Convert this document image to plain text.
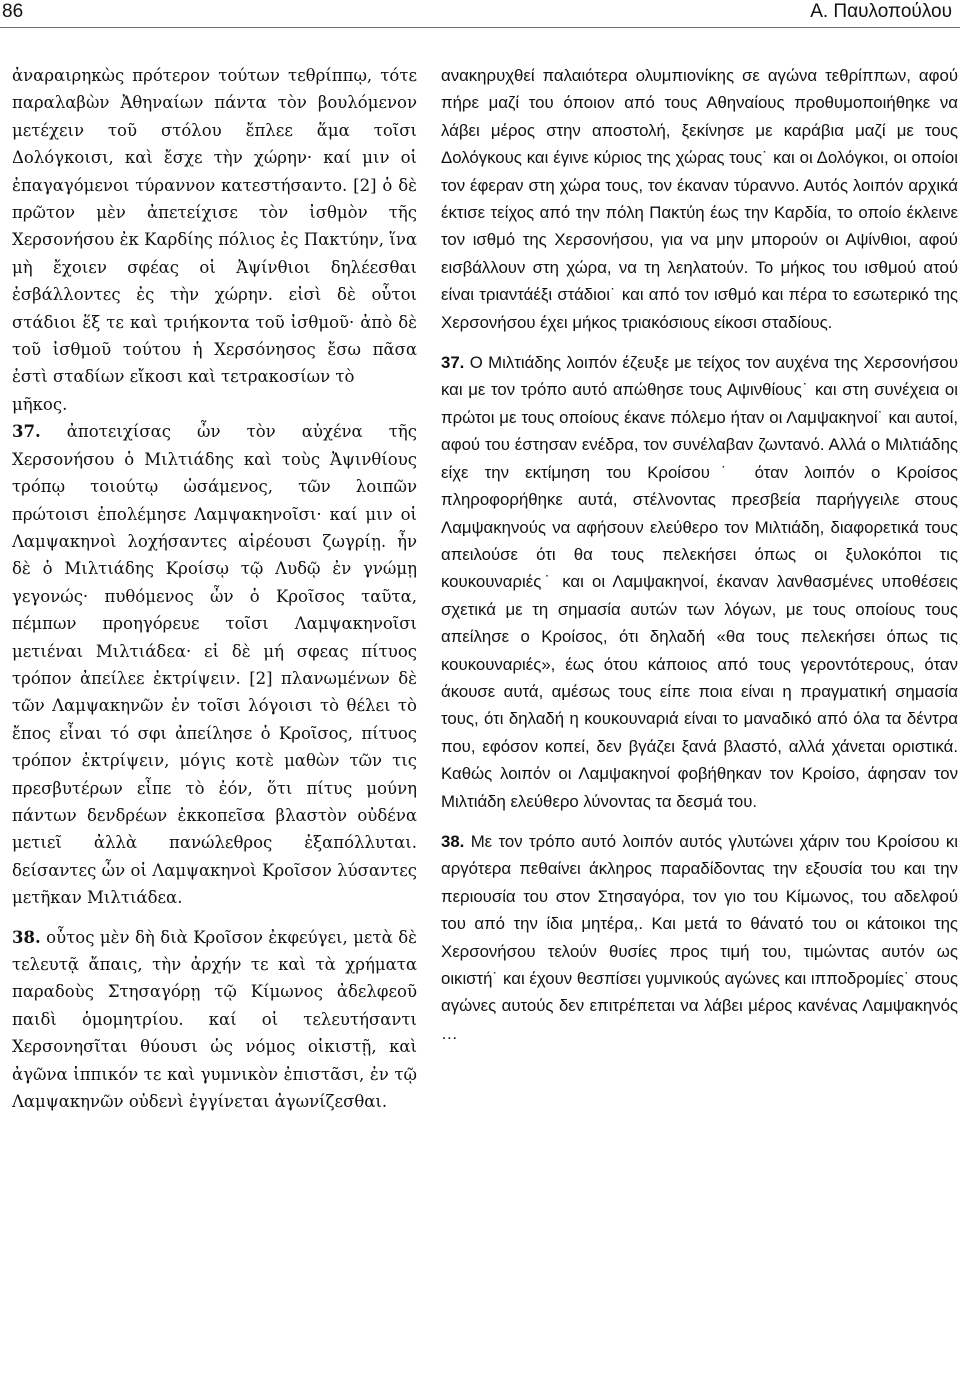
86	Α. Παυλοπούλου

ἀναραιρηκὼς πρότερον τούτων τεθρίππῳ, τότε παραλαβὼν Ἀθηναίων πάντα τὸν βουλόμενον μετέχειν τοῦ στόλου ἔπλεε ἅμα τοῖσι Δολόγκοισι, καὶ ἔσχε τὴν χώρην· καί μιν οἱ ἐπαγαγόμενοι τύραννον κατεστήσαντο. [2] ὁ δὲ πρῶτον μὲν ἀπετείχισε τὸν ἰσθμὸν τῆς Χερσονήσου ἐκ Καρδίης πόλιος ἐς Πακτύην, ἵνα μὴ ἔχοιεν σφέας οἱ Ἀψίνθιοι δηλέεσθαι ἐσβάλλοντες ἐς τὴν χώρην. εἰσὶ δὲ οὗτοι στάδιοι ἕξ τε καὶ τριήκοντα τοῦ ἰσθμοῦ· ἀπὸ δὲ τοῦ ἰσθμοῦ τούτου ἡ Χερσόνησος ἔσω πᾶσα ἐστὶ σταδίων εἴκοσι καὶ τετρακοσίων τὸ

μῆκος.

37. ἀποτειχίσας ὦν τὸν αὐχένα τῆς Χερσονήσου ὁ Μιλτιάδης καὶ τοὺς Ἀψινθίους τρόπῳ τοιούτῳ ὠσάμενος, τῶν λοιπῶν πρώτοισι ἐπολέμησε Λαμψακηνοῖσι· καί μιν οἱ Λαμψακηνοὶ λοχήσαντες αἱρέουσι ζωγρίῃ. ἦν δὲ ὁ Μιλτιάδης Κροίσῳ τῷ Λυδῷ ἐν γνώμῃ γεγονώς· πυθόμενος ὦν ὁ Κροῖσος ταῦτα, πέμπων προηγόρευε τοῖσι Λαμψακηνοῖσι μετιέναι Μιλτιάδεα· εἰ δὲ μή σφεας πίτυος τρόπον ἀπείλεε ἐκτρίψειν. [2] πλανωμένων δὲ τῶν Λαμψακηνῶν ἐν τοῖσι λόγοισι τὸ θέλει τὸ ἔπος εἶναι τό σφι ἀπείλησε ὁ Κροῖσος, πίτυος τρόπον ἐκτρίψειν, μόγις κοτὲ μαθὼν τῶν τις πρεσβυτέρων εἶπε τὸ ἐόν, ὅτι πίτυς μούνη πάντων δενδρέων ἐκκοπεῖσα βλαστὸν οὐδένα μετιεῖ ἀλλὰ πανώλεθρος ἐξαπόλλυται. δείσαντες ὦν οἱ Λαμψακηνοὶ Κροῖσον λύσαντες μετῆκαν Μιλτιάδεα.

38. οὗτος μὲν δὴ διὰ Κροῖσον ἐκφεύγει, μετὰ δὲ τελευτᾷ ἄπαις, τὴν ἀρχήν τε καὶ τὰ χρήματα παραδοὺς Στησαγόρῃ τῷ Κίμωνος ἀδελφεοῦ παιδὶ ὁμομητρίου. καί οἱ τελευτήσαντι Χερσονησῖται θύουσι ὡς νόμος οἰκιστῇ, καὶ ἀγῶνα ἱππικόν τε καὶ γυμνικὸν ἐπιστᾶσι, ἐν τῷ Λαμψακηνῶν οὐδενὶ ἐγγίνεται ἀγωνίζεσθαι.

ανακηρυχθεί παλαιότερα ολυμπιονίκης σε αγώνα τεθρίππων, αφού πήρε μαζί του όποιον από τους Αθηναίους προθυμοποιήθηκε να λάβει μέρος στην αποστολή, ξεκίνησε με καράβια μαζί με τους Δολόγκους και έγινε κύριος της χώρας τους˙ και οι Δολόγκοι, οι οποίοι τον έφεραν στη χώρα τους, τον έκαναν τύραννο. Αυτός λοιπόν αρχικά έκτισε τείχος από την πόλη Πακτύη έως την Καρδία, το οποίο έκλεινε τον ισθμό της Χερσονήσου, για να μην μπορούν οι Αψίνθιοι, αφού εισβάλλουν στη χώρα, να τη λεηλατούν. Το μήκος του ισθμού ατού είναι τριαντάέξι στάδιοι˙ και από τον ισθμό και πέρα το εσωτερικό της Χερσονήσου έχει μήκος τριακόσιους είκοσι σταδίους.

37. Ο Μιλτιάδης λοιπόν έζευξε με τείχος τον αυχένα της Χερσονήσου και με τον τρόπο αυτό απώθησε τους Αψινθίους˙ και στη συνέχεια οι πρώτοι με τους οποίους έκανε πόλεμο ήταν οι Λαμψακηνοί˙ και αυτοί, αφού του έστησαν ενέδρα, τον συνέλαβαν ζωντανό. Αλλά ο Μιλτιάδης είχε την εκτίμηση του Κροίσου˙ όταν λοιπόν ο Κροίσος πληροφορήθηκε αυτά, στέλνοντας πρεσβεία παρήγγειλε στους Λαμψακηνούς να αφήσουν ελεύθερο τον Μιλτιάδη, διαφορετικά τους απειλούσε ότι θα τους πελεκήσει όπως οι ξυλοκόποι τις κουκουναριές˙ και οι Λαμψακηνοί, έκαναν λανθασμένες υποθέσεις σχετικά με τη σημασία αυτών των λόγων, με τους οποίους τους απείλησε ο Κροίσος, ότι δηλαδή «θα τους πελεκήσει όπως τις κουκουναριές», έως ότου κάποιος από τους γεροντότερους, όταν άκουσε αυτά, αμέσως τους είπε ποια είναι η πραγματική σημασία τους, ότι δηλαδή η κουκουναριά είναι το μαναδικό από όλα τα δέντρα που, εφόσον κοπεί, δεν βγάζει ξανά βλαστό, αλλά χάνεται οριστικά. Καθώς λοιπόν οι Λαμψακηνοί φοβήθηκαν τον Κροίσο, άφησαν τον Μιλτιάδη ελεύθερο λύνοντας τα δεσμά του.

38. Με τον τρόπο αυτό λοιπόν αυτός γλυτώνει χάριν του Κροίσου κι αργότερα πεθαίνει άκληρος παραδίδοντας την εξουσία του και την περιουσία του στον Στησαγόρα, τον γιο του Κίμωνος, του αδελφού του από την ίδια μητέρα,. Και μετά το θάνατό του οι κάτοικοι της Χερσονήσου τελούν θυσίες προς τιμή του, τιμώντας αυτόν ως οικιστή˙ και έχουν θεσπίσει γυμνικούς αγώνες και ιπποδρομίες˙ στους αγώνες αυτούς δεν επιτρέπεται να λάβει μέρος κανένας Λαμψακηνός …
